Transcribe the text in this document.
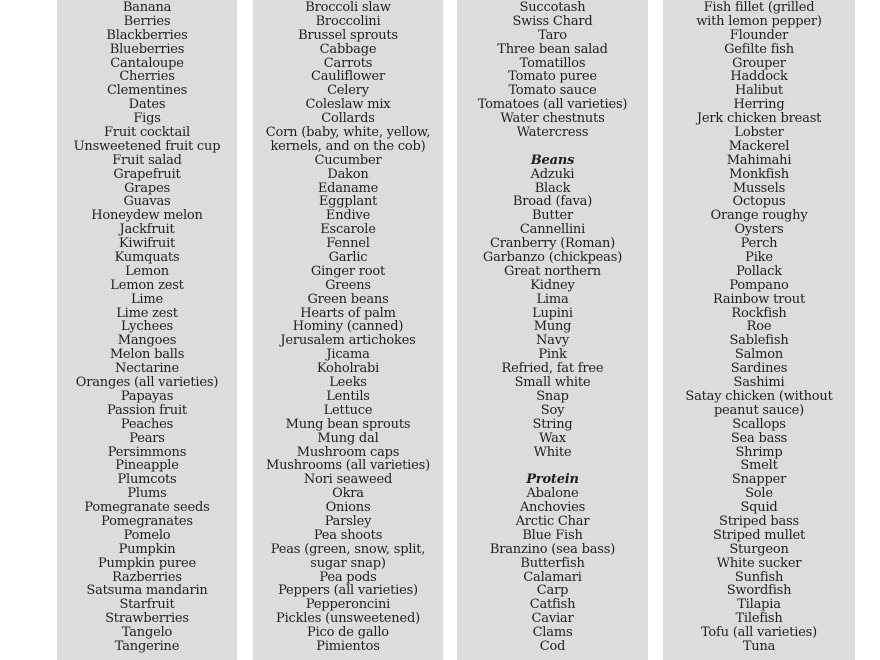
Banana
Berries
Blackberries
Blueberries
Cantaloupe
Cherries
Clementines
Dates
Figs
Fruit cocktail
Unsweetened fruit cup
Fruit salad
Grapefruit
Grapes
Guavas
Honeydew melon
Jackfruit
Kiwifruit
Kumquats
Lemon
Lemon zest
Lime
Lime zest
Lychees
Mangoes
Melon balls
Nectarine
Oranges (all varieties)
Papayas
Passion fruit
Peaches
Pears
Persimmons
Pineapple
Plumcots
Plums
Pomegranate seeds
Pomegranates
Pomelo
Pumpkin
Pumpkin puree
Razberries
Satsuma mandarin
Starfruit
Strawberries
Tangelo
Tangerine
Broccoli slaw
Broccolini
Brussel sprouts
Cabbage
Carrots
Cauliflower
Celery
Coleslaw mix
Collards
Corn (baby, white, yellow,
kernels, and on the cob)
Cucumber
Dakon
Edaname
Eggplant
Endive
Escarole
Fennel
Garlic
Ginger root
Greens
Green beans
Hearts of palm
Hominy (canned)
Jerusalem artichokes
Jicama
Koholrabi
Leeks
Lentils
Lettuce
Mung bean sprouts
Mung dal
Mushroom caps
Mushrooms (all varieties)
Nori seaweed
Okra
Onions
Parsley
Pea shoots
Peas (green, snow, split,
sugar snap)
Pea pods
Peppers (all varieties)
Pepperoncini
Pickles (unsweetened)
Pico de gallo
Pimientos
Succotash
Swiss Chard
Taro
Three bean salad
Tomatillos
Tomato puree
Tomato sauce
Tomatoes (all varieties)
Water chestnuts
Watercress
Beans
Adzuki
Black
Broad (fava)
Butter
Cannellini
Cranberry (Roman)
Garbanzo (chickpeas)
Great northern
Kidney
Lima
Lupini
Mung
Navy
Pink
Refried, fat free
Small white
Snap
Soy
String
Wax
White
Protein
Abalone
Anchovies
Arctic Char
Blue Fish
Branzino (sea bass)
Butterfish
Calamari
Carp
Catfish
Caviar
Clams
Cod
Fish fillet (grilled
with lemon pepper)
Flounder
Gefilte fish
Grouper
Haddock
Halibut
Herring
Jerk chicken breast
Lobster
Mackerel
Mahimahi
Monkfish
Mussels
Octopus
Orange roughy
Oysters
Perch
Pike
Pollack
Pompano
Rainbow trout
Rockfish
Roe
Sablefish
Salmon
Sardines
Sashimi
Satay chicken (without
peanut sauce)
Scallops
Sea bass
Shrimp
Smelt
Snapper
Sole
Squid
Striped bass
Striped mullet
Sturgeon
White sucker
Sunfish
Swordfish
Tilapia
Tilefish
Tofu (all varieties)
Tuna
